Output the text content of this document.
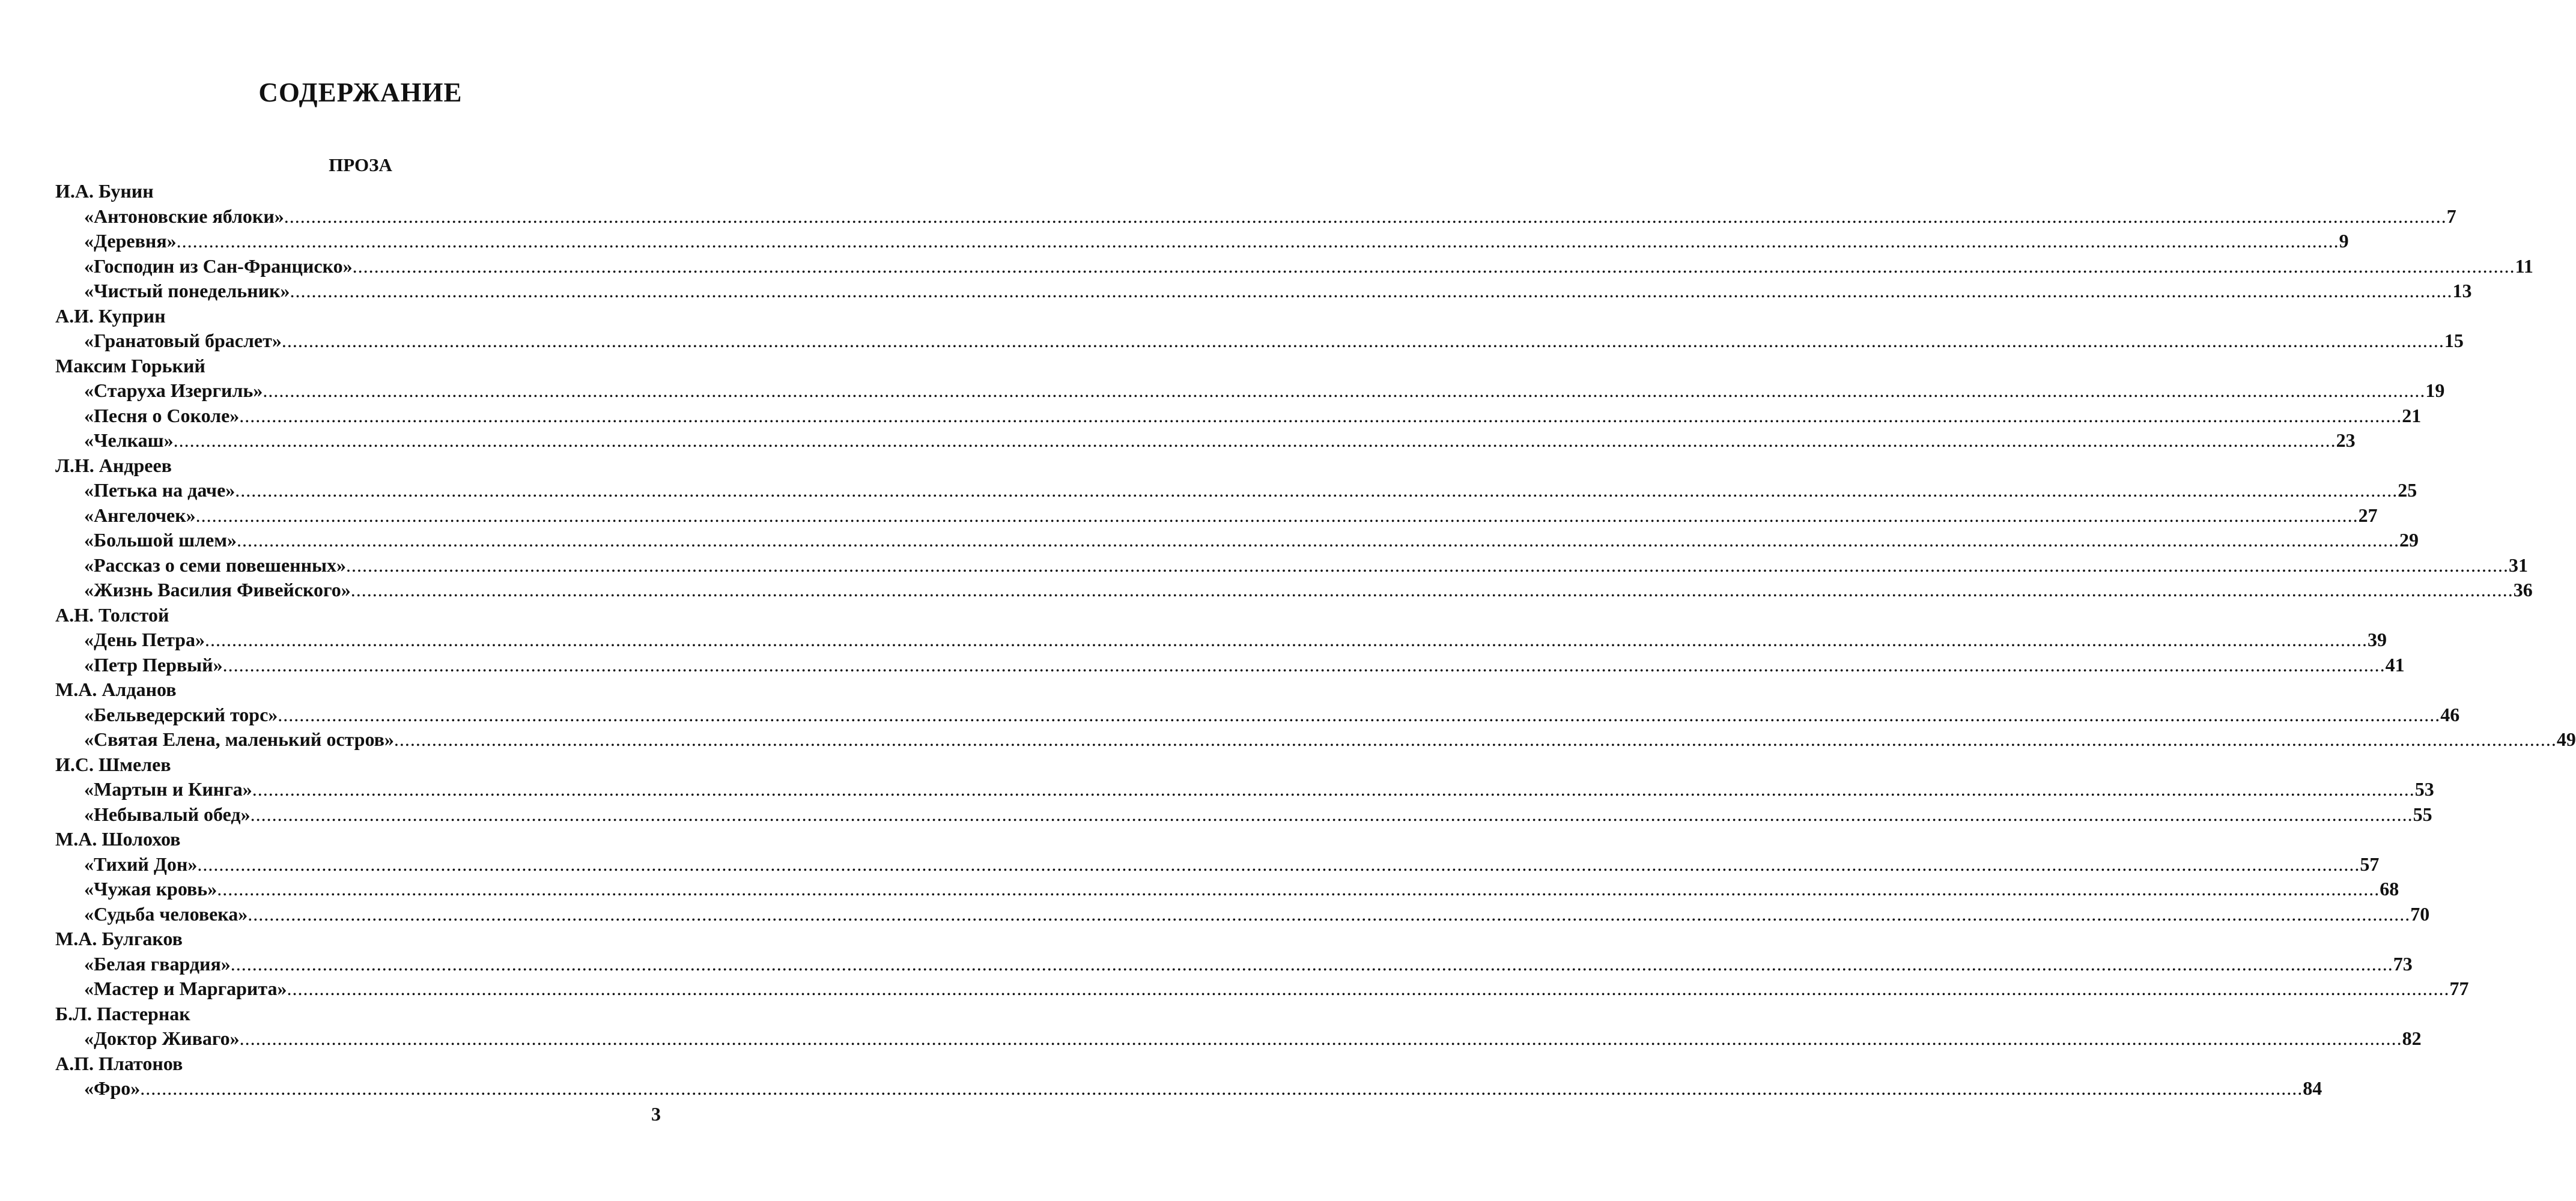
СОДЕРЖАНИЕ
ПРОЗА
И.А. Бунин
«Антоновские яблоки» ................................................................................................................................................................................................................................................................................................................................................................................................................ 7
«Деревня» ................................................................................................................................................................................................................................................................................................................................................................................................................ 9
«Господин из Сан-Франциско» ................................................................................................................................................................................................................................................................................................................................................................................................................ 11
«Чистый понедельник» ................................................................................................................................................................................................................................................................................................................................................................................................................ 13
А.И. Куприн
«Гранатовый браслет» ................................................................................................................................................................................................................................................................................................................................................................................................................ 15
Максим Горький
«Старуха Изергиль» ................................................................................................................................................................................................................................................................................................................................................................................................................ 19
«Песня о Соколе» ................................................................................................................................................................................................................................................................................................................................................................................................................ 21
«Челкаш» ................................................................................................................................................................................................................................................................................................................................................................................................................ 23
Л.Н. Андреев
«Петька на даче» ................................................................................................................................................................................................................................................................................................................................................................................................................ 25
«Ангелочек» ................................................................................................................................................................................................................................................................................................................................................................................................................ 27
«Большой шлем» ................................................................................................................................................................................................................................................................................................................................................................................................................ 29
«Рассказ о семи повешенных» ................................................................................................................................................................................................................................................................................................................................................................................................................ 31
«Жизнь Василия Фивейского» ................................................................................................................................................................................................................................................................................................................................................................................................................ 36
А.Н. Толстой
«День Петра» ................................................................................................................................................................................................................................................................................................................................................................................................................ 39
«Петр Первый» ................................................................................................................................................................................................................................................................................................................................................................................................................ 41
М.А. Алданов
«Бельведерский торс» ................................................................................................................................................................................................................................................................................................................................................................................................................ 46
«Святая Елена, маленький остров» ................................................................................................................................................................................................................................................................................................................................................................................................................ 49
И.С. Шмелев
«Мартын и Кинга» ................................................................................................................................................................................................................................................................................................................................................................................................................ 53
«Небывалый обед» ................................................................................................................................................................................................................................................................................................................................................................................................................ 55
М.А. Шолохов
«Тихий Дон» ................................................................................................................................................................................................................................................................................................................................................................................................................ 57
«Чужая кровь» ................................................................................................................................................................................................................................................................................................................................................................................................................ 68
«Судьба человека» ................................................................................................................................................................................................................................................................................................................................................................................................................ 70
М.А. Булгаков
«Белая гвардия» ................................................................................................................................................................................................................................................................................................................................................................................................................ 73
«Мастер и Маргарита» ................................................................................................................................................................................................................................................................................................................................................................................................................ 77
Б.Л. Пастернак
«Доктор Живаго» ................................................................................................................................................................................................................................................................................................................................................................................................................ 82
А.П. Платонов
«Фро» ................................................................................................................................................................................................................................................................................................................................................................................................................ 84
3
